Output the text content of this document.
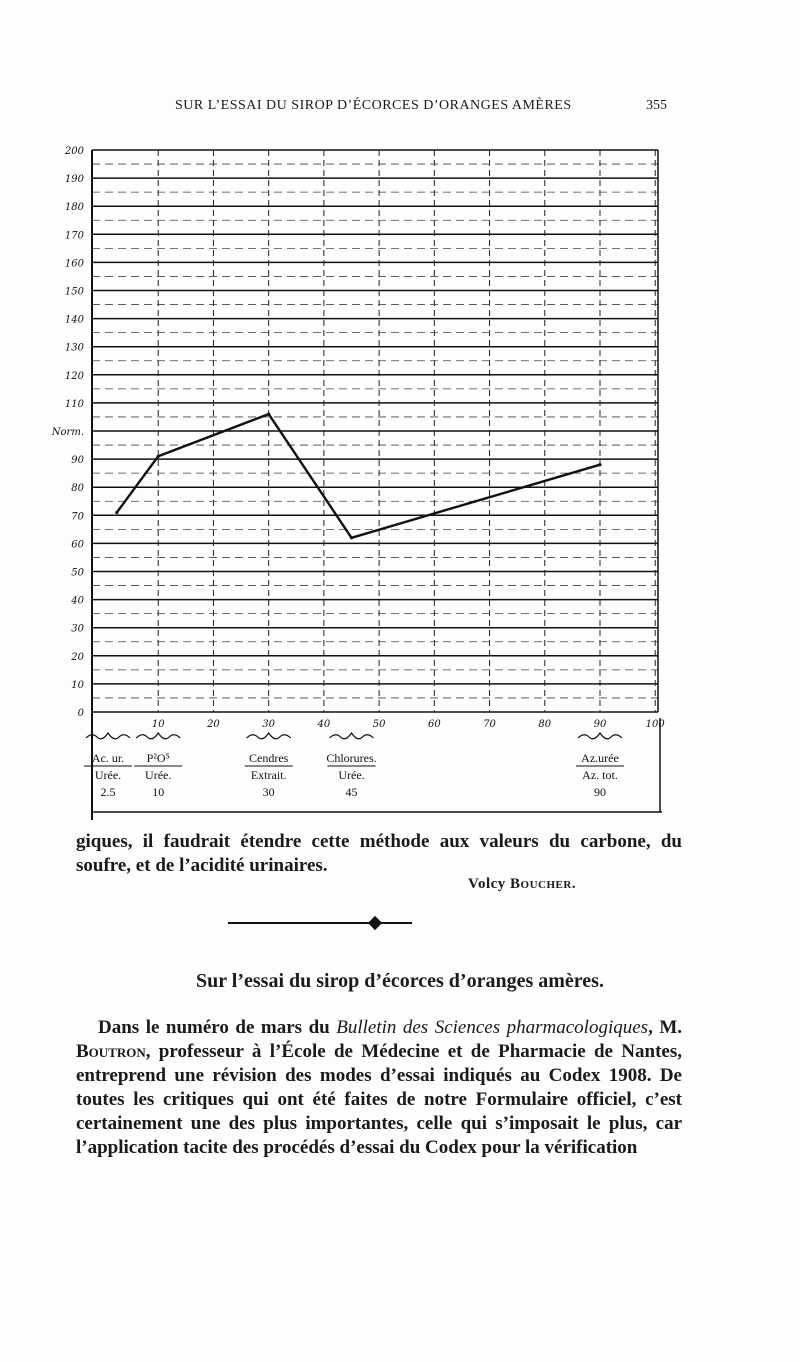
SUR L’ESSAI DU SIROP D’ÉCORCES D’ORANGES AMÈRES	355
0
10
20
30
40
50
60
70
80
90
Norm.
110
120
130
140
150
160
170
180
190
200
10	20	30	40	50	60	70	80	90	100
Ac. ur.
Urée.
2.5
P²O⁵
Urée.
10
Cendres
Extrait.
30
Chlorures.
Urée.
45
Az.urée
Az. tot.
90
giques, il faudrait étendre cette méthode aux valeurs du carbone, du soufre, et de l’acidité urinaires.
Volcy Boucher.
Sur l’essai du sirop d’écorces d’oranges amères.

Dans le numéro de mars du Bulletin des Sciences pharmacologiques, M. Boutron, professeur à l’École de Médecine et de Pharmacie de Nantes, entreprend une révision des modes d’essai indiqués au Codex 1908. De toutes les critiques qui ont été faites de notre Formulaire officiel, c’est certainement une des plus importantes, celle qui s’imposait le plus, car l’application tacite des procédés d’essai du Codex pour la vérification
